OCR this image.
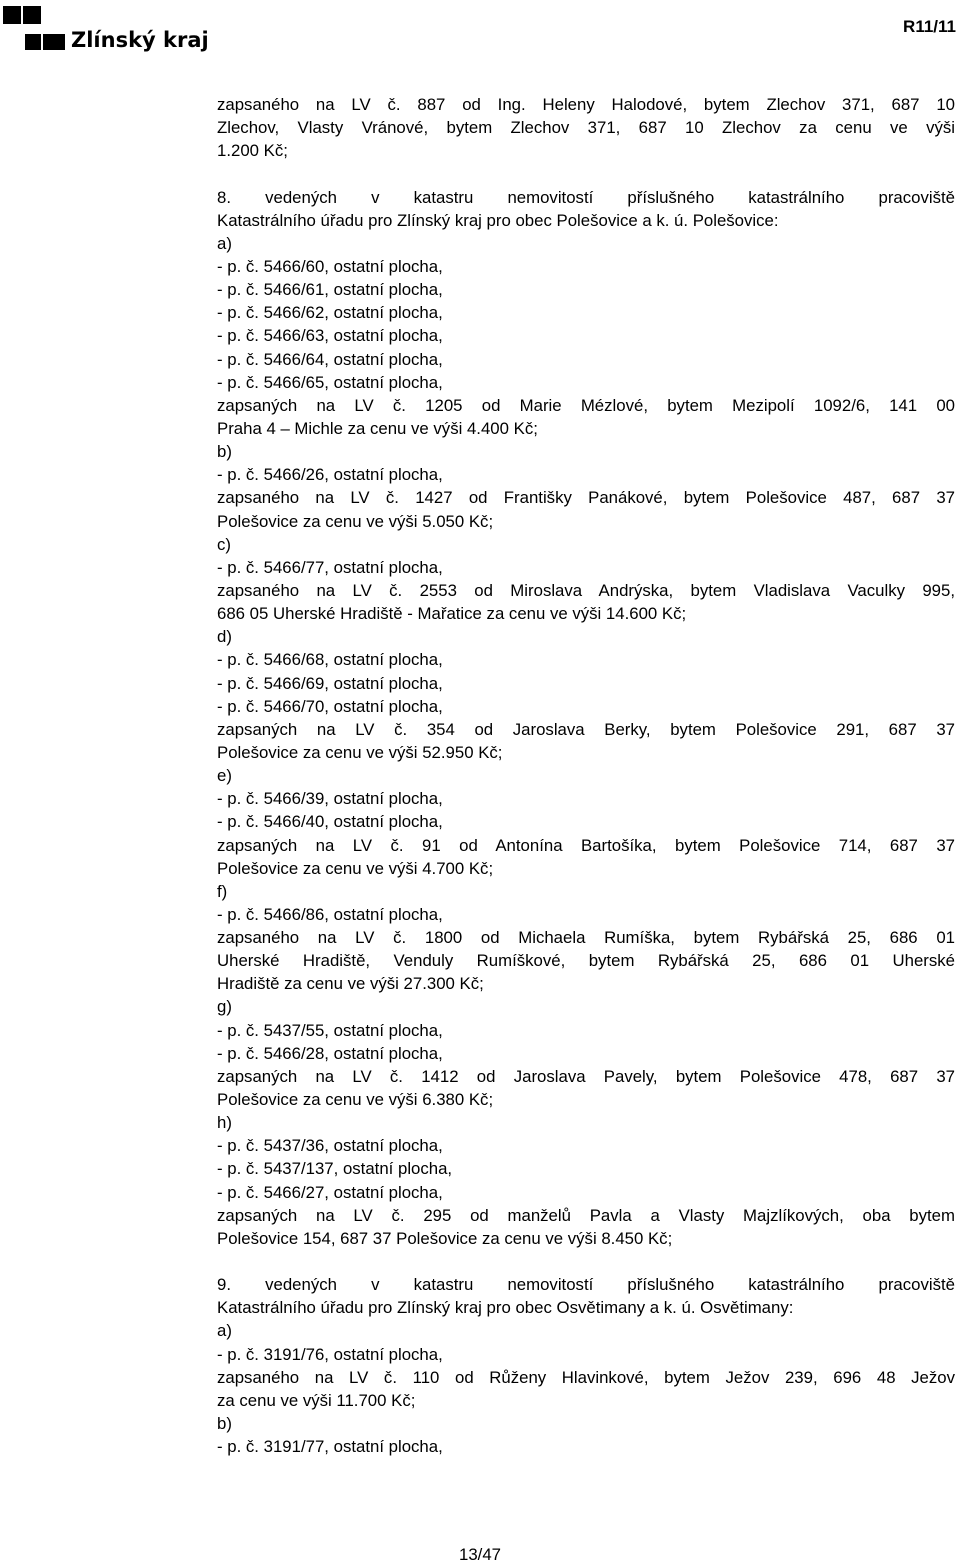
Zlínský kraj
R11/11
zapsaného na LV č. 887 od Ing. Heleny Halodové, bytem Zlechov 371, 687 10
Zlechov, Vlasty Vránové, bytem Zlechov 371, 687 10 Zlechov za cenu ve výši
1.200 Kč;
8. vedených v katastru nemovitostí příslušného katastrálního pracoviště
Katastrálního úřadu pro Zlínský kraj pro obec Polešovice a k. ú. Polešovice:
a)
- p. č. 5466/60, ostatní plocha,
- p. č. 5466/61, ostatní plocha,
- p. č. 5466/62, ostatní plocha,
- p. č. 5466/63, ostatní plocha,
- p. č. 5466/64, ostatní plocha,
- p. č. 5466/65, ostatní plocha,
zapsaných na LV č. 1205 od Marie Mézlové, bytem Mezipolí 1092/6, 141 00
Praha 4 – Michle za cenu ve výši 4.400 Kč;
b)
- p. č. 5466/26, ostatní plocha,
zapsaného na LV č. 1427 od Františky Panákové, bytem Polešovice 487, 687 37
Polešovice za cenu ve výši 5.050 Kč;
c)
- p. č. 5466/77, ostatní plocha,
zapsaného na LV č. 2553 od Miroslava Andrýska, bytem Vladislava Vaculky 995,
686 05 Uherské Hradiště - Mařatice za cenu ve výši 14.600 Kč;
d)
- p. č. 5466/68, ostatní plocha,
- p. č. 5466/69, ostatní plocha,
- p. č. 5466/70, ostatní plocha,
zapsaných na LV č. 354 od Jaroslava Berky, bytem Polešovice 291, 687 37
Polešovice za cenu ve výši 52.950 Kč;
e)
- p. č. 5466/39, ostatní plocha,
- p. č. 5466/40, ostatní plocha,
zapsaných na LV č. 91 od Antonína Bartošíka, bytem Polešovice 714, 687 37
Polešovice za cenu ve výši 4.700 Kč;
f)
- p. č. 5466/86, ostatní plocha,
zapsaného na LV č. 1800 od Michaela Rumíška, bytem Rybářská 25, 686 01
Uherské Hradiště, Venduly Rumíškové, bytem Rybářská 25, 686 01 Uherské
Hradiště za cenu ve výši 27.300 Kč;
g)
- p. č. 5437/55, ostatní plocha,
- p. č. 5466/28, ostatní plocha,
zapsaných na LV č. 1412 od Jaroslava Pavely, bytem Polešovice 478, 687 37
Polešovice za cenu ve výši 6.380 Kč;
h)
- p. č. 5437/36, ostatní plocha,
- p. č. 5437/137, ostatní plocha,
- p. č. 5466/27, ostatní plocha,
zapsaných na LV č. 295 od manželů Pavla a Vlasty Majzlíkových, oba bytem
Polešovice 154, 687 37 Polešovice za cenu ve výši 8.450 Kč;
9. vedených v katastru nemovitostí příslušného katastrálního pracoviště
Katastrálního úřadu pro Zlínský kraj pro obec Osvětimany a k. ú. Osvětimany:
a)
- p. č. 3191/76, ostatní plocha,
zapsaného na LV č. 110 od Růženy Hlavinkové, bytem Ježov 239, 696 48 Ježov
za cenu ve výši 11.700 Kč;
b)
- p. č. 3191/77, ostatní plocha,
13/47
